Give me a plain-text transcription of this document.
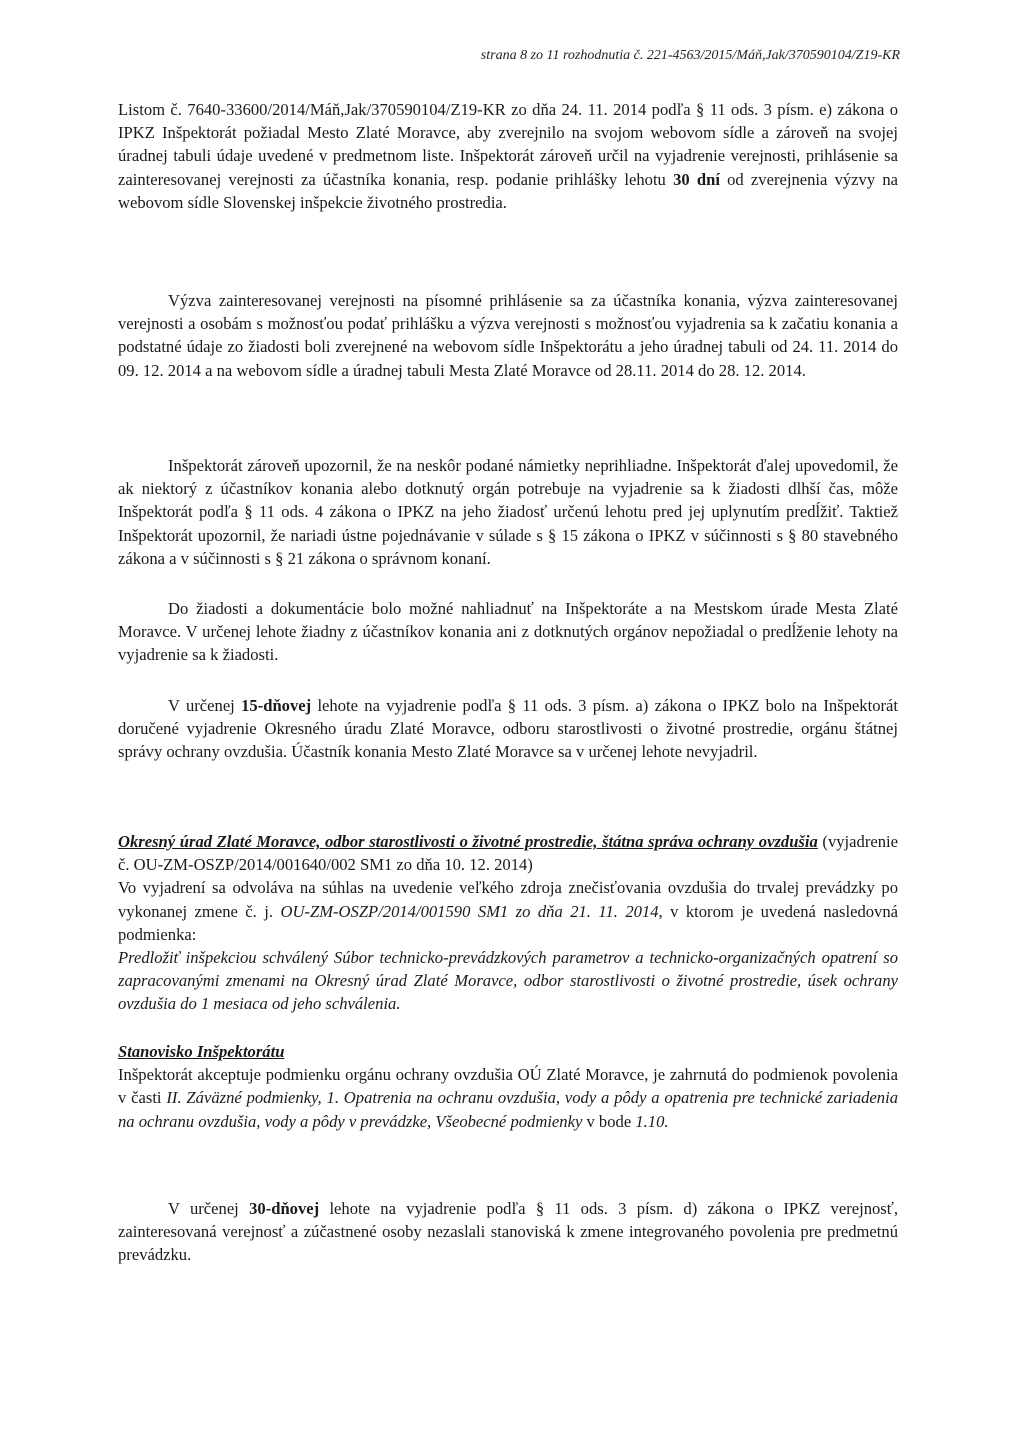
strana 8 zo 11 rozhodnutia č. 221-4563/2015/Máň,Jak/370590104/Z19-KR

Listom č. 7640-33600/2014/Máň,Jak/370590104/Z19-KR zo dňa 24. 11. 2014 podľa § 11 ods. 3 písm. e) zákona o IPKZ Inšpektorát požiadal Mesto Zlaté Moravce, aby zverejnilo na svojom webovom sídle a zároveň na svojej úradnej tabuli údaje uvedené v predmetnom liste. Inšpektorát zároveň určil na vyjadrenie verejnosti, prihlásenie sa zainteresovanej verejnosti za účastníka konania, resp. podanie prihlášky lehotu 30 dní od zverejnenia výzvy na webovom sídle Slovenskej inšpekcie životného prostredia.

Výzva zainteresovanej verejnosti na písomné prihlásenie sa za účastníka konania, výzva zainteresovanej verejnosti a osobám s možnosťou podať prihlášku a výzva verejnosti s možnosťou vyjadrenia sa k začatiu konania a podstatné údaje zo žiadosti boli zverejnené na webovom sídle Inšpektorátu a jeho úradnej tabuli od 24. 11. 2014 do 09. 12. 2014 a na webovom sídle a úradnej tabuli Mesta Zlaté Moravce od 28.11. 2014 do 28. 12. 2014.

Inšpektorát zároveň upozornil, že na neskôr podané námietky neprihliadne. Inšpektorát ďalej upovedomil, že ak niektorý z účastníkov konania alebo dotknutý orgán potrebuje na vyjadrenie sa k žiadosti dlhší čas, môže Inšpektorát podľa § 11 ods. 4 zákona o IPKZ na jeho žiadosť určenú lehotu pred jej uplynutím predĺžiť. Taktiež Inšpektorát upozornil, že nariadi ústne pojednávanie v súlade s § 15 zákona o IPKZ v súčinnosti s § 80 stavebného zákona a v súčinnosti s § 21 zákona o správnom konaní.

Do žiadosti a dokumentácie bolo možné nahliadnuť na Inšpektoráte a na Mestskom úrade Mesta Zlaté Moravce. V určenej lehote žiadny z účastníkov konania ani z dotknutých orgánov nepožiadal o predĺženie lehoty na vyjadrenie sa k žiadosti.

V určenej 15-dňovej lehote na vyjadrenie podľa § 11 ods. 3 písm. a) zákona o IPKZ bolo na Inšpektorát doručené vyjadrenie Okresného úradu Zlaté Moravce, odboru starostlivosti o životné prostredie, orgánu štátnej správy ochrany ovzdušia. Účastník konania Mesto Zlaté Moravce sa v určenej lehote nevyjadril.

Okresný úrad Zlaté Moravce, odbor starostlivosti o životné prostredie, štátna správa ochrany ovzdušia (vyjadrenie č. OU-ZM-OSZP/2014/001640/002 SM1 zo dňa 10. 12. 2014)

Vo vyjadrení sa odvoláva na súhlas na uvedenie veľkého zdroja znečisťovania ovzdušia do trvalej prevádzky po vykonanej zmene č. j. OU-ZM-OSZP/2014/001590 SM1 zo dňa 21. 11. 2014, v ktorom je uvedená nasledovná podmienka:

Predložiť inšpekciou schválený Súbor technicko-prevádzkových parametrov a technicko-organizačných opatrení so zapracovanými zmenami na Okresný úrad Zlaté Moravce, odbor starostlivosti o životné prostredie, úsek ochrany ovzdušia do 1 mesiaca od jeho schválenia.

Stanovisko Inšpektorátu

Inšpektorát akceptuje podmienku orgánu ochrany ovzdušia OÚ Zlaté Moravce, je zahrnutá do podmienok povolenia v časti II. Záväzné podmienky, 1. Opatrenia na ochranu ovzdušia, vody a pôdy a opatrenia pre technické zariadenia na ochranu ovzdušia, vody a pôdy v prevádzke, Všeobecné podmienky v bode 1.10.

V určenej 30-dňovej lehote na vyjadrenie podľa § 11 ods. 3 písm. d) zákona o IPKZ verejnosť, zainteresovaná verejnosť a zúčastnené osoby nezaslali stanoviská k zmene integrovaného povolenia pre predmetnú prevádzku.
